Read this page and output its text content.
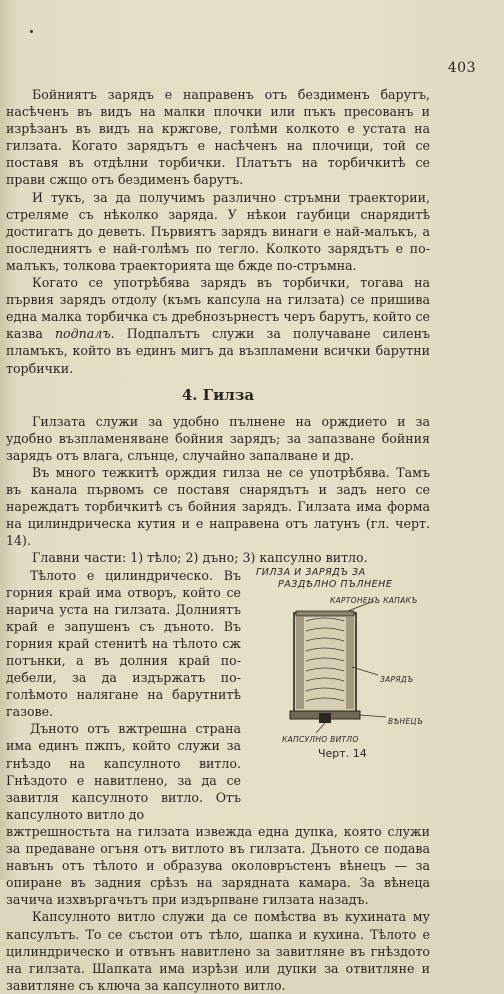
403

Бойниятъ зарядъ е направенъ отъ бездименъ барутъ, насѣченъ въ видъ на малки плочки или пъкъ пресованъ и изрѣзанъ въ видъ на кржгове, голѣми колкото е устата на гилзата. Когато зарядътъ е насѣченъ на плочици, той се поставя въ отдѣлни торбички. Платътъ на торбичкитѣ се прави сжщо отъ бездименъ барутъ.

И тукъ, за да получимъ различно стръмни траектории, стреляме съ нѣколко заряда. У нѣкои гаубици снарядитѣ достигатъ до деветь. Първиятъ зарядъ винаги е най-малъкъ, а последниятъ е най-голѣмъ по тегло. Колкото зарядътъ е по-малъкъ, толкова траекторията ще бжде по-стръмна.

Когато се употрѣбява зарядъ въ торбички, тогава на първия зарядъ отдолу (къмъ капсула на гилзата) се пришива една малка торбичка съ дребнозърнестъ черъ барутъ, който се казва подпалъ. Подпалътъ служи за получаване силенъ пламъкъ, който въ единъ мигъ да възпламени всички барутни торбички.

4. Гилза

Гилзата служи за удобно пълнене на орждието и за удобно възпламеняване бойния зарядъ; за запазване бойния зарядъ отъ влага, слънце, случайно запалване и др.

Въ много тежкитѣ орждия гилза не се употрѣбява. Тамъ въ канала първомъ се поставя снарядътъ и задъ него се нареждатъ торбичкитѣ съ бойния зарядъ. Гилзата има форма на цилиндрическа кутия и е направена отъ латунъ (гл. черт. 14).

Главни части: 1) тѣло; 2) дъно; 3) капсулно витло.

Тѣлото е цилиндрическо. Въ горния край има отворъ, който се нарича уста на гилзата. Долниятъ край е запушенъ съ дъното. Въ горния край стенитѣ на тѣлото сж потънки, а въ долния край по-дебели, за да издържатъ по-голѣмото налягане на барутнитѣ газове.

Дъното отъ вжтрешна страна има единъ пжпъ, който служи за гнѣздо на капсулното витло. Гнѣздото е навитлено, за да се завитля капсулното витло. Отъ капсулното витло до

ГИЛЗА И ЗАРЯДЪ ЗА
РАЗДѢЛНО ПЪЛНЕНЕ
КАРТОНЕНЪ КАПАКЪ
ЗАРЯДЪ
ВѢНЕЦЪ
КАПСУЛНО ВИТЛО
Черт. 14

вжтрешностьта на гилзата извежда една дупка, която служи за предаване огъня отъ витлото въ гилзата. Дъното се подава навънъ отъ тѣлото и образува околовръстенъ вѣнецъ — за опиране въ задния срѣзъ на зарядната камара. За вѣнеца зачича изхвъргачътъ при издърпване гилзата назадъ.

Капсулното витло служи да се помѣства въ кухината му капсулътъ. То се състои отъ тѣло, шапка и кухина. Тѣлото е цилиндрическо и отвънъ навитлено за завитляне въ гнѣздото на гилзата. Шапката има изрѣзи или дупки за отвитляне и завитляне съ ключа за капсулното витло.
